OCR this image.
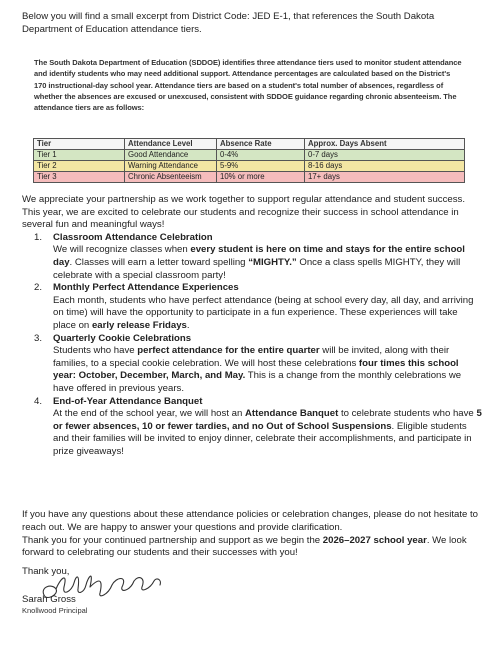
Below you will find a small excerpt from District Code: JED E-1, that references the South Dakota Department of Education attendance tiers.
The South Dakota Department of Education (SDDOE) identifies three attendance tiers used to monitor student attendance and identify students who may need additional support. Attendance percentages are calculated based on the District's 170 instructional-day school year. Attendance tiers are based on a student's total number of absences, regardless of whether the absences are excused or unexcused, consistent with SDDOE guidance regarding chronic absenteeism. The attendance tiers are as follows:
Tier	Attendance Level	Absence Rate	Approx. Days Absent
Tier 1	Good Attendance	0-4%	0-7 days
Tier 2	Warning Attendance	5-9%	8-16 days
Tier 3	Chronic Absenteeism	10% or more	17+ days

We appreciate your partnership as we work together to support regular attendance and student success.

This year, we are excited to celebrate our students and recognize their success in school attendance in several fun and meaningful ways!

1. Classroom Attendance Celebration
We will recognize classes when every student is here on time and stays for the entire school day. Classes will earn a letter toward spelling “MIGHTY.” Once a class spells MIGHTY, they will celebrate with a special classroom party!
2. Monthly Perfect Attendance Experiences
Each month, students who have perfect attendance (being at school every day, all day, and arriving on time) will have the opportunity to participate in a fun experience. These experiences will take place on early release Fridays.
3. Quarterly Cookie Celebrations
Students who have perfect attendance for the entire quarter will be invited, along with their families, to a special cookie celebration. We will host these celebrations four times this school year: October, December, March, and May. This is a change from the monthly celebrations we have offered in previous years.
4. End-of-Year Attendance Banquet
At the end of the school year, we will host an Attendance Banquet to celebrate students who have 5 or fewer absences, 10 or fewer tardies, and no Out of School Suspensions. Eligible students and their families will be invited to enjoy dinner, celebrate their accomplishments, and participate in prize giveaways!

If you have any questions about these attendance policies or celebration changes, please do not hesitate to reach out. We are happy to answer your questions and provide clarification.

Thank you for your continued partnership and support as we begin the 2026–2027 school year. We look forward to celebrating our students and their successes with you!

Thank you,
Sarah Gross
Knollwood Principal
